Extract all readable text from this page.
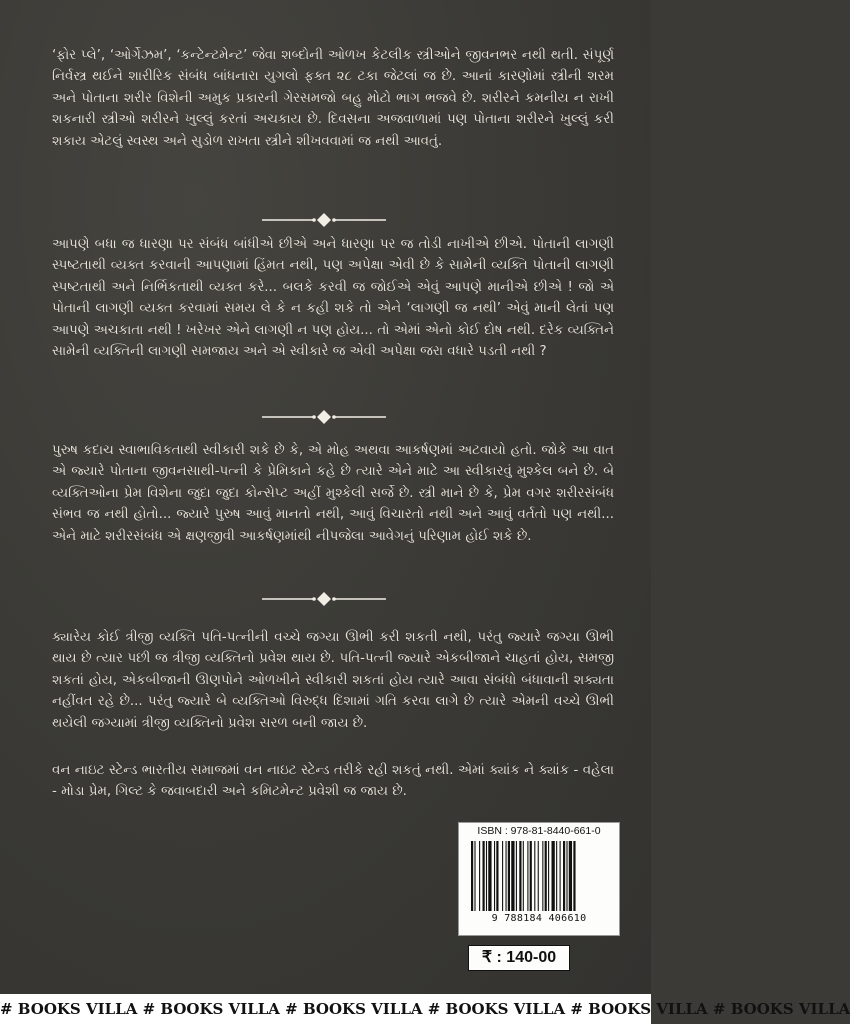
‘ફોર પ્લે’, ‘ઓર્ગેઝમ’, ‘કન્ટેન્ટમેન્ટ’ જેવા શબ્દોની ઓળખ કેટલીક સ્ત્રીઓને જીવનભર નથી થતી. સંપૂર્ણ નિર્વસ્ત્ર થઈને શારીરિક સંબંધ બાંધનારા યુગલો ફક્ત ૨૮ ટકા જેટલાં જ છે. આનાં કારણોમાં સ્ત્રીની શરમ અને પોતાના શરીર વિશેની અમુક પ્રકારની ગેરસમજો બહુ મોટો ભાગ ભજવે છે. શરીરને કમનીય ન રાખી શકનારી સ્ત્રીઓ શરીરને ખુલ્લું કરતાં અચકાય છે. દિવસના અજવાળામાં પણ પોતાના શરીરને ખુલ્લું કરી શકાય એટલું સ્વસ્થ અને સુડોળ રાખતા સ્ત્રીને શીખવવામાં જ નથી આવતું.

આપણે બધા જ ધારણા પર સંબંધ બાંધીએ છીએ અને ધારણા પર જ તોડી નાખીએ છીએ. પોતાની લાગણી સ્પષ્ટતાથી વ્યક્ત કરવાની આપણામાં હિંમત નથી, પણ અપેક્ષા એવી છે કે સામેની વ્યક્તિ પોતાની લાગણી સ્પષ્ટતાથી અને નિર્ભિકતાથી વ્યક્ત કરે... બલકે કરવી જ જોઈએ એવું આપણે માનીએ છીએ ! જો એ પોતાની લાગણી વ્યક્ત કરવામાં સમય લે કે ન કહી શકે તો એને ‘લાગણી જ નથી’ એવું માની લેતાં પણ આપણે અચકાતા નથી ! ખરેખર એને લાગણી ન પણ હોય... તો એમાં એનો કોઈ દોષ નથી. દરેક વ્યક્તિને સામેની વ્યક્તિની લાગણી સમજાય અને એ સ્વીકારે જ એવી અપેક્ષા જરા વધારે પડતી નથી ?

પુરુષ કદાચ સ્વાભાવિકતાથી સ્વીકારી શકે છે કે, એ મોહ અથવા આકર્ષણમાં અટવાયો હતો. જોકે આ વાત એ જ્યારે પોતાના જીવનસાથી-પત્ની કે પ્રેમિકાને કહે છે ત્યારે એને માટે આ સ્વીકારવું મુશ્કેલ બને છે. બે વ્યક્તિઓના પ્રેમ વિશેના જુદા જુદા કોન્સેપ્ટ અહીં મુશ્કેલી સર્જે છે. સ્ત્રી માને છે કે, પ્રેમ વગર શરીરસંબંધ સંભવ જ નથી હોતો... જ્યારે પુરુષ આવું માનતો નથી, આવું વિચારતો નથી અને આવું વર્તતો પણ નથી... એને માટે શરીરસંબંધ એ ક્ષણજીવી આકર્ષણમાંથી નીપજેલા આવેગનું પરિણામ હોઈ શકે છે.

ક્યારેય કોઈ ત્રીજી વ્યક્તિ પતિ-પત્નીની વચ્ચે જગ્યા ઊભી કરી શકતી નથી, પરંતુ જ્યારે જગ્યા ઊભી થાય છે ત્યાર પછી જ ત્રીજી વ્યક્તિનો પ્રવેશ થાય છે. પતિ-પત્ની જ્યારે એકબીજાને ચાહતાં હોય, સમજી શકતાં હોય, એકબીજાની ઊણપોને ઓળખીને સ્વીકારી શકતાં હોય ત્યારે આવા સંબંધો બંધાવાની શક્યતા નહીંવત રહે છે... પરંતુ જ્યારે બે વ્યક્તિઓ વિરુદ્ધ દિશામાં ગતિ કરવા લાગે છે ત્યારે એમની વચ્ચે ઊભી થયેલી જગ્યામાં ત્રીજી વ્યક્તિનો પ્રવેશ સરળ બની જાય છે.

વન નાઇટ સ્ટેન્ડ ભારતીય સમાજમાં વન નાઇટ સ્ટેન્ડ તરીકે રહી શકતું નથી. એમાં ક્યાંક ને ક્યાંક - વહેલા - મોડા પ્રેમ, ગિલ્ટ કે જવાબદારી અને કમિટમેન્ટ પ્રવેશી જ જાય છે.

ISBN : 978-81-8440-661-0
9 788184 406610
₹ : 140-00
# BOOKS VILLA # BOOKS VILLA # BOOKS VILLA # BOOKS VILLA # BOOKS VILLA # BOOKS VILLA
